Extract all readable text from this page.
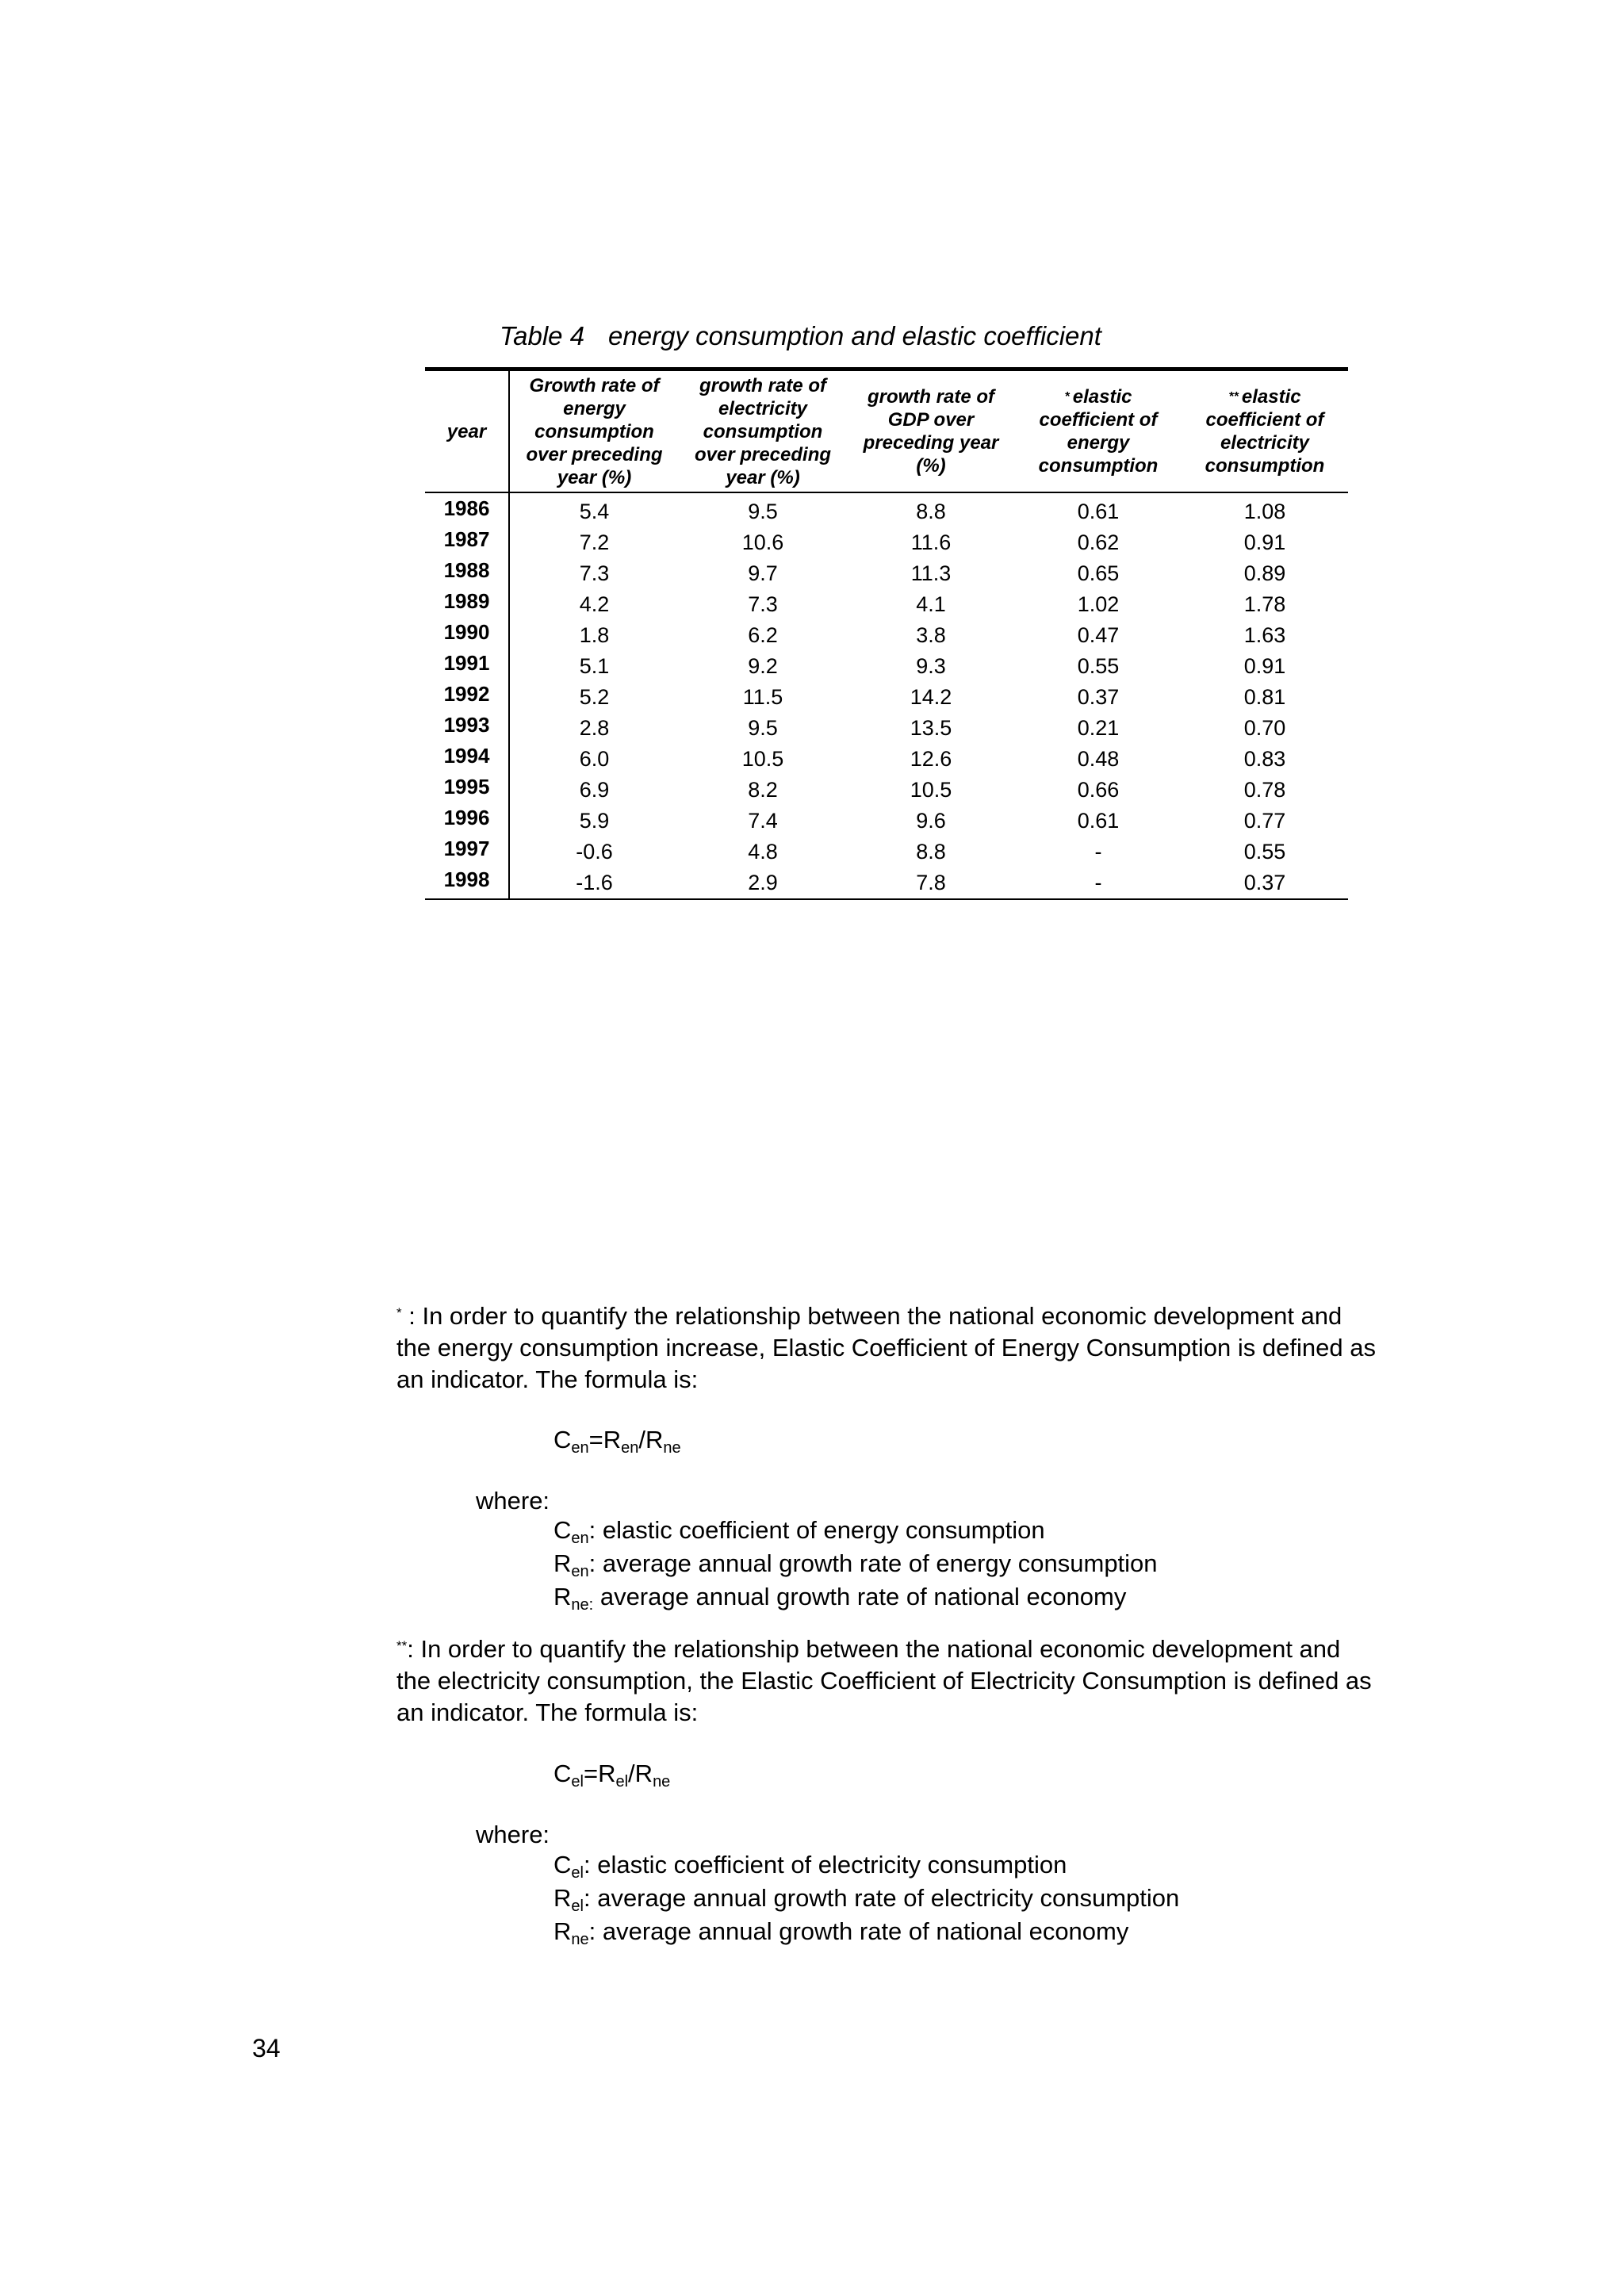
Table 4 energy consumption and elastic coefficient
year	Growth rate of energy consumption over preceding year (%)	growth rate of electricity consumption over preceding year (%)	growth rate of GDP over preceding year (%)	* elastic coefficient of energy consumption	** elastic coefficient of electricity consumption
1986	5.4	9.5	8.8	0.61	1.08
1987	7.2	10.6	11.6	0.62	0.91
1988	7.3	9.7	11.3	0.65	0.89
1989	4.2	7.3	4.1	1.02	1.78
1990	1.8	6.2	3.8	0.47	1.63
1991	5.1	9.2	9.3	0.55	0.91
1992	5.2	11.5	14.2	0.37	0.81
1993	2.8	9.5	13.5	0.21	0.70
1994	6.0	10.5	12.6	0.48	0.83
1995	6.9	8.2	10.5	0.66	0.78
1996	5.9	7.4	9.6	0.61	0.77
1997	-0.6	4.8	8.8	-	0.55
1998	-1.6	2.9	7.8	-	0.37
* : In order to quantify the relationship between the national economic development and the energy consumption increase, Elastic Coefficient of Energy Consumption is defined as an indicator. The formula is:
Cen=Ren/Rne
where:
Cen: elastic coefficient of energy consumption
Ren: average annual growth rate of energy consumption
Rne: average annual growth rate of national economy
**: In order to quantify the relationship between the national economic development and the electricity consumption, the Elastic Coefficient of Electricity Consumption is defined as an indicator. The formula is:
Cel=Rel/Rne
where:
Cel: elastic coefficient of electricity consumption
Rel: average annual growth rate of electricity consumption
Rne: average annual growth rate of national economy
34
